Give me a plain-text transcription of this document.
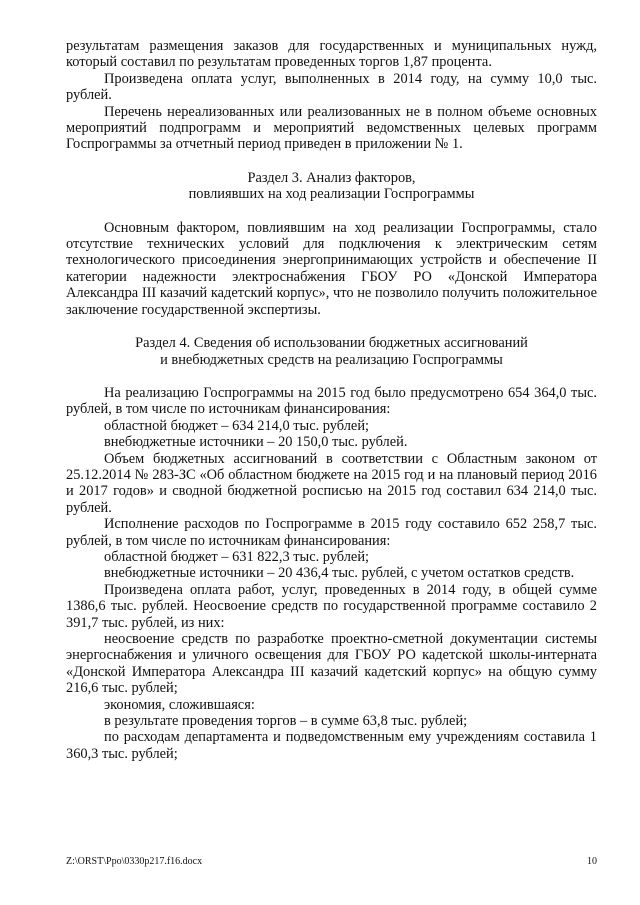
результатам размещения заказов для государственных и муниципальных нужд, который составил по результатам проведенных торгов 1,87 процента.

Произведена оплата услуг, выполненных в 2014 году, на сумму 10,0 тыс. рублей.

Перечень нереализованных или реализованных не в полном объеме основных мероприятий подпрограмм и мероприятий ведомственных целевых программ Госпрограммы за отчетный период приведен в приложении № 1.

Раздел 3. Анализ факторов,

повлиявших на ход реализации Госпрограммы

Основным фактором, повлиявшим на ход реализации Госпрограммы, стало отсутствие технических условий для подключения к электрическим сетям технологического присоединения энергопринимающих устройств и обеспечение II категории надежности электроснабжения ГБОУ РО «Донской Императора Александра III казачий кадетский корпус», что не позволило получить положительное заключение государственной экспертизы.

Раздел 4. Сведения об использовании бюджетных ассигнований

и внебюджетных средств на реализацию Госпрограммы

На реализацию Госпрограммы на 2015 год было предусмотрено 654 364,0 тыс. рублей, в том числе по источникам финансирования:

областной бюджет – 634 214,0 тыс. рублей;

внебюджетные источники – 20 150,0 тыс. рублей.

Объем бюджетных ассигнований в соответствии с Областным законом от 25.12.2014 № 283-ЗС «Об областном бюджете на 2015 год и на плановый период 2016 и 2017 годов» и сводной бюджетной росписью на 2015 год составил 634 214,0 тыс. рублей.

Исполнение расходов по Госпрограмме в 2015 году составило 652 258,7 тыс. рублей, в том числе по источникам финансирования:

областной бюджет – 631 822,3 тыс. рублей;

внебюджетные источники – 20 436,4 тыс. рублей, с учетом остатков средств.

Произведена оплата работ, услуг, проведенных в 2014 году, в общей сумме 1386,6 тыс. рублей. Неосвоение средств по государственной программе составило 2 391,7 тыс. рублей, из них:

неосвоение средств по разработке проектно-сметной документации системы энергоснабжения и уличного освещения для ГБОУ РО кадетской школы-интерната «Донской Императора Александра III казачий кадетский корпус» на общую сумму 216,6 тыс. рублей;

экономия, сложившаяся:

в результате проведения торгов – в сумме 63,8 тыс. рублей;

по расходам департамента и подведомственным ему учреждениям составила 1 360,3 тыс. рублей;

Z:\ORST\Ppo\0330p217.f16.docx	10
